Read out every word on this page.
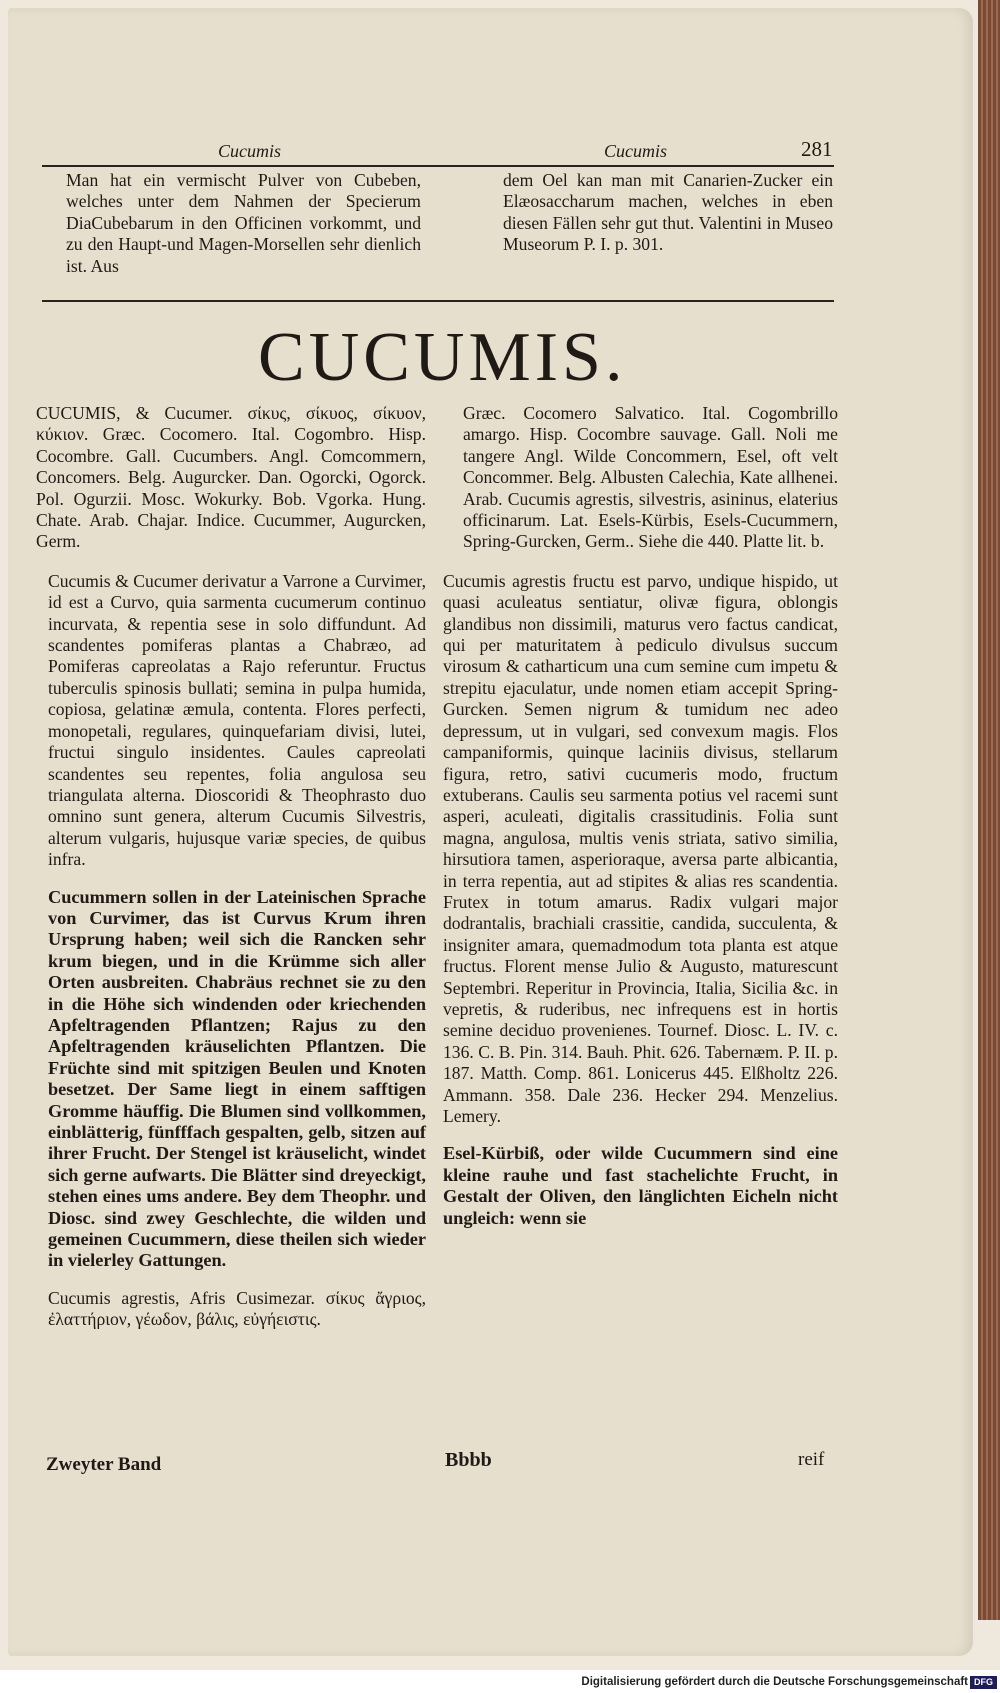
Cucumis	Cucumis	281

Man hat ein vermischt Pulver von Cubeben, welches unter dem Nahmen der Specierum DiaCubebarum in den Officinen vorkommt, und zu den Haupt-und Magen-Morsellen sehr dienlich ist. Aus

dem Oel kan man mit Canarien-Zucker ein Elæosaccharum machen, welches in eben diesen Fällen sehr gut thut. Valentini in Museo Museorum P. I. p. 301.

CUCUMIS.

CUCUMIS, & Cucumer. σίκυς, σίκυος, σίκυον, κύκιον. Græc. Cocomero. Ital. Cogombro. Hisp. Cocombre. Gall. Cucumbers. Angl. Comcommern, Concomers. Belg. Augurcker. Dan. Ogorcki, Ogorck. Pol. Ogurzii. Mosc. Wokurky. Bob. Vgorka. Hung. Chate. Arab. Chajar. Indice. Cucummer, Augurcken, Germ.

Cucumis & Cucumer derivatur a Varrone a Curvimer, id est a Curvo, quia sarmenta cucumerum continuo incurvata, & repentia sese in solo diffundunt. Ad scandentes pomiferas plantas a Chabræo, ad Pomiferas capreolatas a Rajo referuntur. Fructus tuberculis spinosis bullati; semina in pulpa humida, copiosa, gelatinæ æmula, contenta. Flores perfecti, monopetali, regulares, quinquefariam divisi, lutei, fructui singulo insidentes. Caules capreolati scandentes seu repentes, folia angulosa seu triangulata alterna. Dioscoridi & Theophrasto duo omnino sunt genera, alterum Cucumis Silvestris, alterum vulgaris, hujusque variæ species, de quibus infra.

Cucummern sollen in der Lateinischen Sprache von Curvimer, das ist Curvus Krum ihren Ursprung haben; weil sich die Rancken sehr krum biegen, und in die Krümme sich aller Orten ausbreiten. Chabräus rechnet sie zu den in die Höhe sich windenden oder kriechenden Apfeltragenden Pflantzen; Rajus zu den Apfeltragenden kräuselichten Pflantzen. Die Früchte sind mit spitzigen Beulen und Knoten besetzet. Der Same liegt in einem safftigen Gromme häuffig. Die Blumen sind vollkommen, einblätterig, fünfffach gespalten, gelb, sitzen auf ihrer Frucht. Der Stengel ist kräuselicht, windet sich gerne aufwarts. Die Blätter sind dreyeckigt, stehen eines ums andere. Bey dem Theophr. und Diosc. sind zwey Geschlechte, die wilden und gemeinen Cucummern, diese theilen sich wieder in vielerley Gattungen.

Cucumis agrestis, Afris Cusimezar. σίκυς ἄγριος, ἐλαττήριον, γέωδον, βάλις, εὐγήειστις.

Græc. Cocomero Salvatico. Ital. Cogombrillo amargo. Hisp. Cocombre sauvage. Gall. Noli me tangere Angl. Wilde Concommern, Esel, oft velt Concommer. Belg. Albusten Calechia, Kate allhenei. Arab. Cucumis agrestis, silvestris, asininus, elaterius officinarum. Lat. Esels-Kürbis, Esels-Cucummern, Spring-Gurcken, Germ.. Siehe die 440. Platte lit. b.

Cucumis agrestis fructu est parvo, undique hispido, ut quasi aculeatus sentiatur, olivæ figura, oblongis glandibus non dissimili, maturus vero factus candicat, qui per maturitatem à pediculo divulsus succum virosum & catharticum una cum semine cum impetu & strepitu ejaculatur, unde nomen etiam accepit Spring-Gurcken. Semen nigrum & tumidum nec adeo depressum, ut in vulgari, sed convexum magis. Flos campaniformis, quinque laciniis divisus, stellarum figura, retro, sativi cucumeris modo, fructum extuberans. Caulis seu sarmenta potius vel racemi sunt asperi, aculeati, digitalis crassitudinis. Folia sunt magna, angulosa, multis venis striata, sativo similia, hirsutiora tamen, asperioraque, aversa parte albicantia, in terra repentia, aut ad stipites & alias res scandentia. Frutex in totum amarus. Radix vulgari major dodrantalis, brachiali crassitie, candida, succulenta, & insigniter amara, quemadmodum tota planta est atque fructus. Florent mense Julio & Augusto, maturescunt Septembri. Reperitur in Provincia, Italia, Sicilia &c. in vepretis, & ruderibus, nec infrequens est in hortis semine deciduo provenienes. Tournef. Diosc. L. IV. c. 136. C. B. Pin. 314. Bauh. Phit. 626. Tabernæm. P. II. p. 187. Matth. Comp. 861. Lonicerus 445. Elßholtz 226. Ammann. 358. Dale 236. Hecker 294. Menzelius. Lemery.

Esel-Kürbiß, oder wilde Cucummern sind eine kleine rauhe und fast stachelichte Frucht, in Gestalt der Oliven, den länglichten Eicheln nicht ungleich: wenn sie

Zweyter Band	Bbbb	reif
Digitalisierung gefördert durch die Deutsche Forschungsgemeinschaft DFG
